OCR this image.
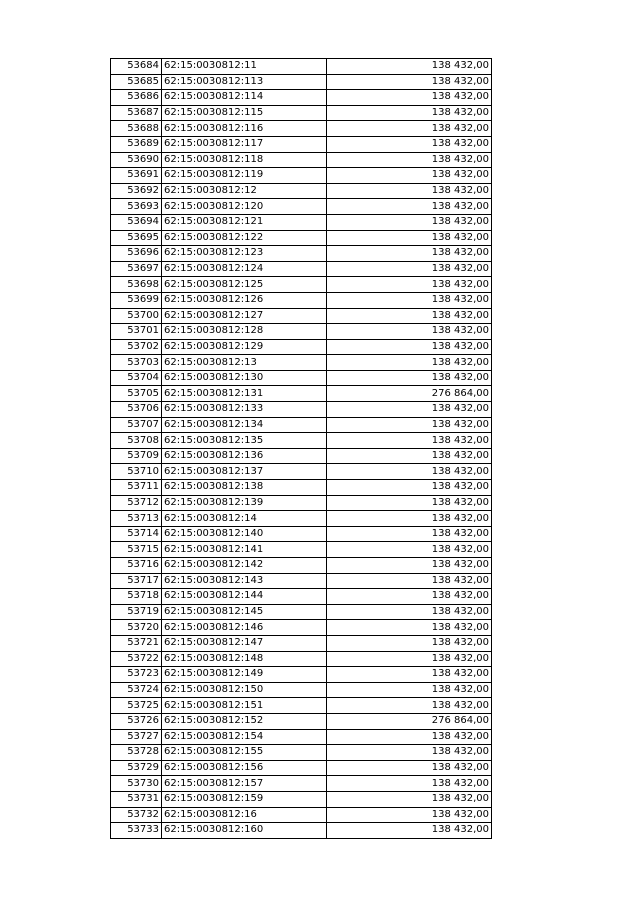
53684	62:15:0030812:11	138 432,00
53685	62:15:0030812:113	138 432,00
53686	62:15:0030812:114	138 432,00
53687	62:15:0030812:115	138 432,00
53688	62:15:0030812:116	138 432,00
53689	62:15:0030812:117	138 432,00
53690	62:15:0030812:118	138 432,00
53691	62:15:0030812:119	138 432,00
53692	62:15:0030812:12	138 432,00
53693	62:15:0030812:120	138 432,00
53694	62:15:0030812:121	138 432,00
53695	62:15:0030812:122	138 432,00
53696	62:15:0030812:123	138 432,00
53697	62:15:0030812:124	138 432,00
53698	62:15:0030812:125	138 432,00
53699	62:15:0030812:126	138 432,00
53700	62:15:0030812:127	138 432,00
53701	62:15:0030812:128	138 432,00
53702	62:15:0030812:129	138 432,00
53703	62:15:0030812:13	138 432,00
53704	62:15:0030812:130	138 432,00
53705	62:15:0030812:131	276 864,00
53706	62:15:0030812:133	138 432,00
53707	62:15:0030812:134	138 432,00
53708	62:15:0030812:135	138 432,00
53709	62:15:0030812:136	138 432,00
53710	62:15:0030812:137	138 432,00
53711	62:15:0030812:138	138 432,00
53712	62:15:0030812:139	138 432,00
53713	62:15:0030812:14	138 432,00
53714	62:15:0030812:140	138 432,00
53715	62:15:0030812:141	138 432,00
53716	62:15:0030812:142	138 432,00
53717	62:15:0030812:143	138 432,00
53718	62:15:0030812:144	138 432,00
53719	62:15:0030812:145	138 432,00
53720	62:15:0030812:146	138 432,00
53721	62:15:0030812:147	138 432,00
53722	62:15:0030812:148	138 432,00
53723	62:15:0030812:149	138 432,00
53724	62:15:0030812:150	138 432,00
53725	62:15:0030812:151	138 432,00
53726	62:15:0030812:152	276 864,00
53727	62:15:0030812:154	138 432,00
53728	62:15:0030812:155	138 432,00
53729	62:15:0030812:156	138 432,00
53730	62:15:0030812:157	138 432,00
53731	62:15:0030812:159	138 432,00
53732	62:15:0030812:16	138 432,00
53733	62:15:0030812:160	138 432,00
